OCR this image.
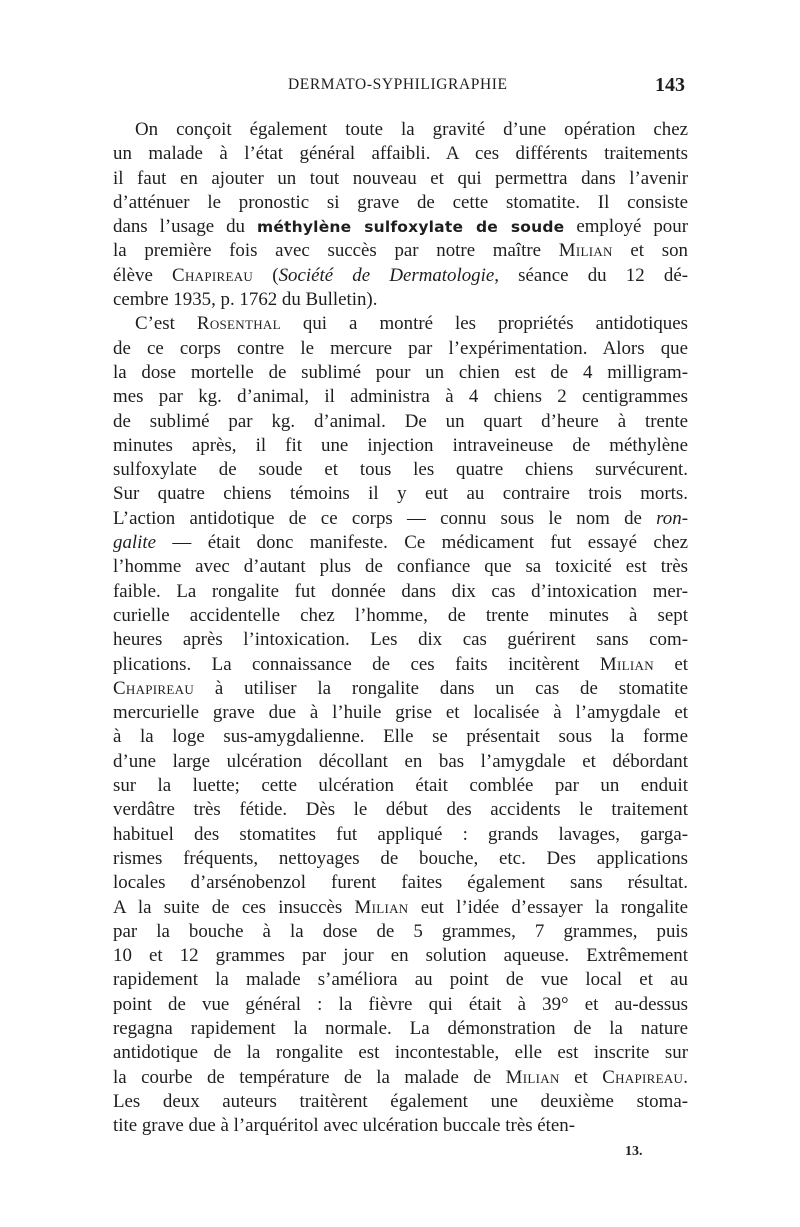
DERMATO-SYPHILIGRAPHIE	143
On conçoit également toute la gravité d’une opération chez
un malade à l’état général affaibli. A ces différents traitements
il faut en ajouter un tout nouveau et qui permettra dans l’avenir
d’atténuer le pronostic si grave de cette stomatite. Il consiste
dans l’usage du méthylène sulfoxylate de soude employé pour
la première fois avec succès par notre maître Milian et son
élève Chapireau (Société de Dermatologie, séance du 12 dé-
cembre 1935, p. 1762 du Bulletin).
C’est Rosenthal qui a montré les propriétés antidotiques
de ce corps contre le mercure par l’expérimentation. Alors que
la dose mortelle de sublimé pour un chien est de 4 milligram-
mes par kg. d’animal, il administra à 4 chiens 2 centigrammes
de sublimé par kg. d’animal. De un quart d’heure à trente
minutes après, il fit une injection intraveineuse de méthylène
sulfoxylate de soude et tous les quatre chiens survécurent.
Sur quatre chiens témoins il y eut au contraire trois morts.
L’action antidotique de ce corps — connu sous le nom de ron-
galite — était donc manifeste. Ce médicament fut essayé chez
l’homme avec d’autant plus de confiance que sa toxicité est très
faible. La rongalite fut donnée dans dix cas d’intoxication mer-
curielle accidentelle chez l’homme, de trente minutes à sept
heures après l’intoxication. Les dix cas guérirent sans com-
plications. La connaissance de ces faits incitèrent Milian et
Chapireau à utiliser la rongalite dans un cas de stomatite
mercurielle grave due à l’huile grise et localisée à l’amygdale et
à la loge sus-amygdalienne. Elle se présentait sous la forme
d’une large ulcération décollant en bas l’amygdale et débordant
sur la luette; cette ulcération était comblée par un enduit
verdâtre très fétide. Dès le début des accidents le traitement
habituel des stomatites fut appliqué : grands lavages, garga-
rismes fréquents, nettoyages de bouche, etc. Des applications
locales d’arsénobenzol furent faites également sans résultat.
A la suite de ces insuccès Milian eut l’idée d’essayer la rongalite
par la bouche à la dose de 5 grammes, 7 grammes, puis
10 et 12 grammes par jour en solution aqueuse. Extrêmement
rapidement la malade s’améliora au point de vue local et au
point de vue général : la fièvre qui était à 39° et au-dessus
regagna rapidement la normale. La démonstration de la nature
antidotique de la rongalite est incontestable, elle est inscrite sur
la courbe de température de la malade de Milian et Chapireau.
Les deux auteurs traitèrent également une deuxième stoma-
tite grave due à l’arquéritol avec ulcération buccale très éten-
13.
